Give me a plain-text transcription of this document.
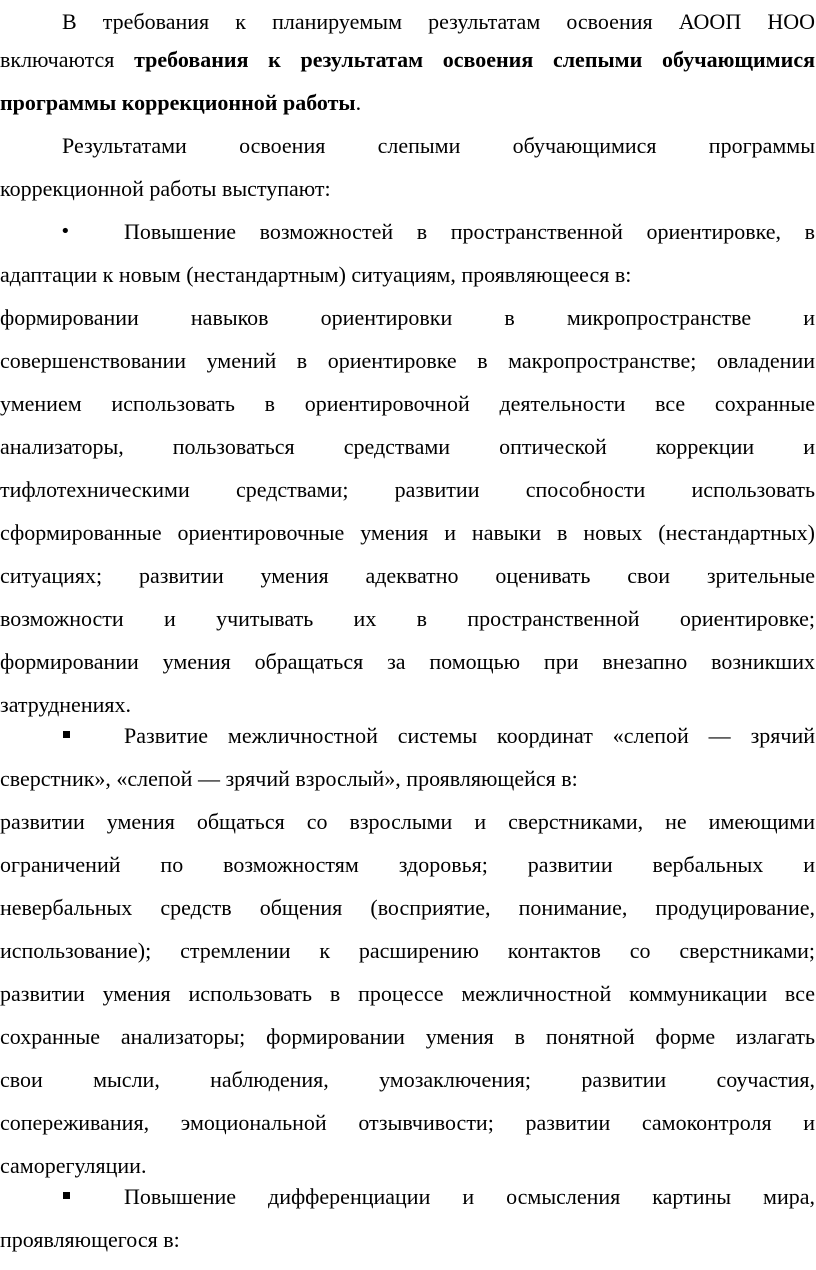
В требования к планируемым результатам освоения АООП НОО
включаются требования к результатам освоения слепыми обучающимися
программы коррекционной работы.
Результатами освоения слепыми обучающимися программы
коррекционной работы выступают:
• Повышение возможностей в пространственной ориентировке, в
адаптации к новым (нестандартным) ситуациям, проявляющееся в:
формировании навыков ориентировки в микропространстве и
совершенствовании умений в ориентировке в макропространстве; овладении
умением использовать в ориентировочной деятельности все сохранные
анализаторы, пользоваться средствами оптической коррекции и
тифлотехническими средствами; развитии способности использовать
сформированные ориентировочные умения и навыки в новых (нестандартных)
ситуациях; развитии умения адекватно оценивать свои зрительные
возможности и учитывать их в пространственной ориентировке;
формировании умения обращаться за помощью при внезапно возникших
затруднениях.
Развитие межличностной системы координат «слепой — зрячий
сверстник», «слепой — зрячий взрослый», проявляющейся в:
развитии умения общаться со взрослыми и сверстниками, не имеющими
ограничений по возможностям здоровья; развитии вербальных и
невербальных средств общения (восприятие, понимание, продуцирование,
использование); стремлении к расширению контактов со сверстниками;
развитии умения использовать в процессе межличностной коммуникации все
сохранные анализаторы; формировании умения в понятной форме излагать
свои мысли, наблюдения, умозаключения; развитии соучастия,
сопереживания, эмоциональной отзывчивости; развитии самоконтроля и
саморегуляции.
Повышение дифференциации и осмысления картины мира,
проявляющегося в:
